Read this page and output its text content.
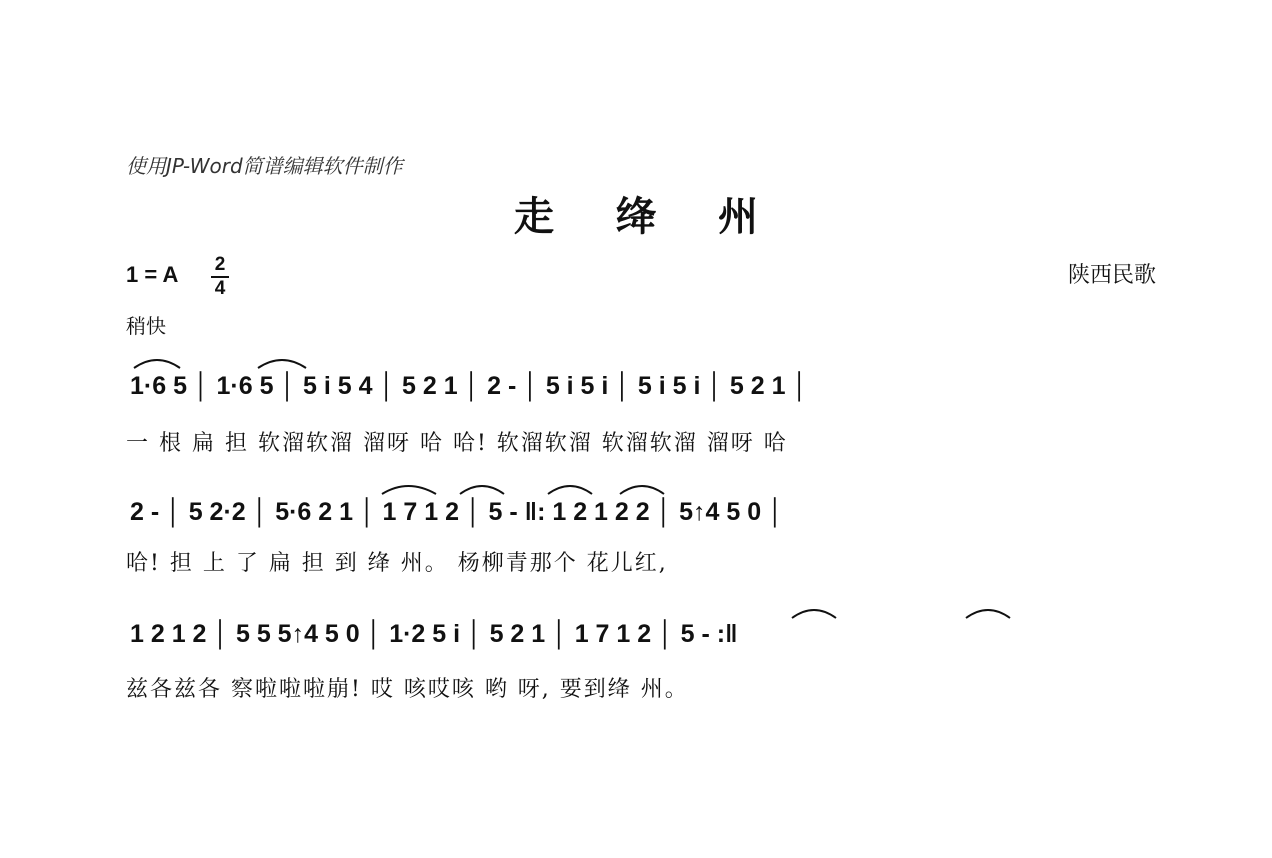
使用JP-Word简谱编辑软件制作
走绛州
1 = A 2
4
陕西民歌
稍快
1·6 5 │ 1·6 5 │ 5 i 5 4 │ 5 2 1 │ 2 - │ 5 i 5 i │ 5 i 5 i │ 5 2 1 │
一 根 扁 担 软溜软溜 溜呀 哈 哈! 软溜软溜 软溜软溜 溜呀 哈
2 - │ 5 2·2 │ 5·6 2 1 │ 1 7 1 2 │ 5 - ‖: 1 2 1 2 2 │ 5↑4 5 0 │
哈! 担 上 了 扁 担 到 绛 州。 杨柳青那个 花儿红,
1 2 1 2 │ 5 5 5↑4 5 0 │ 1·2 5 i │ 5 2 1 │ 1 7 1 2 │ 5 - :‖
兹各兹各 察啦啦啦崩! 哎 咳哎咳 哟 呀, 要到绛 州。
